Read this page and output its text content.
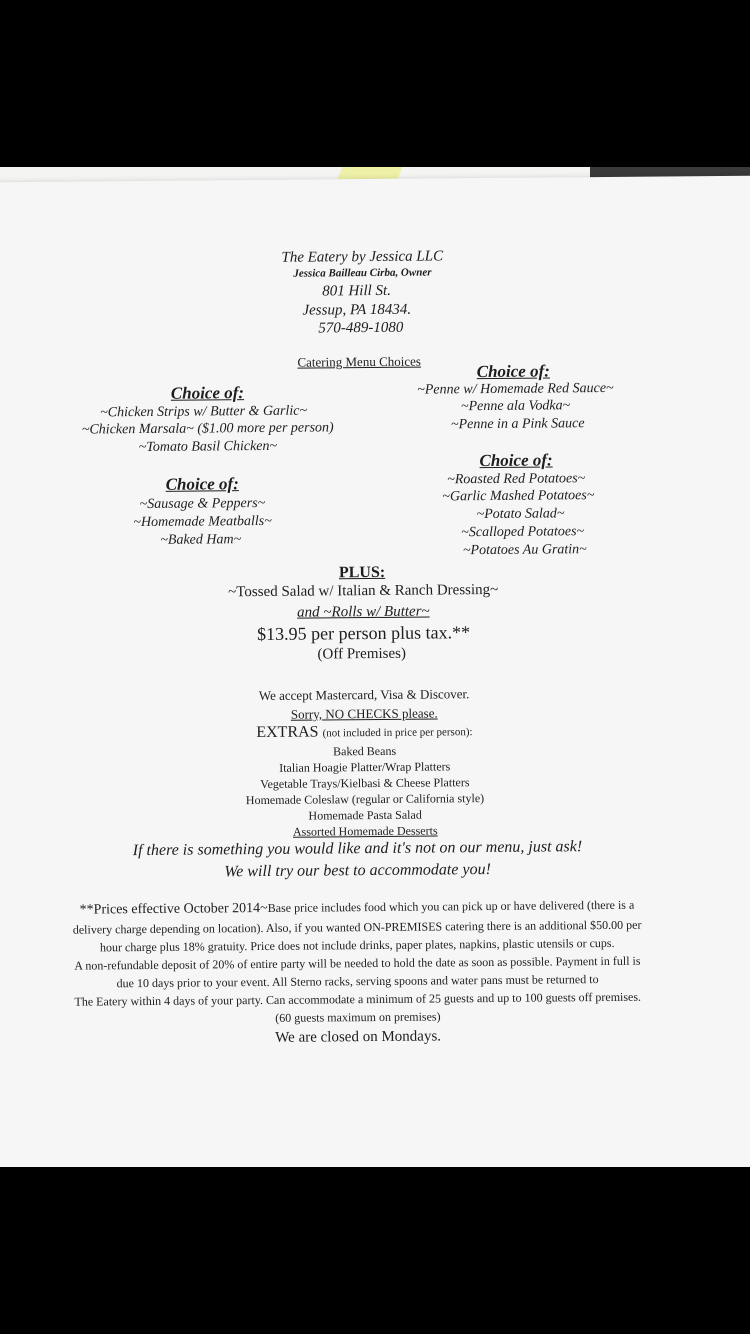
The Eatery by Jessica LLC
Jessica Bailleau Cirba, Owner
801 Hill St.
Jessup, PA 18434.
570-489-1080
Catering Menu Choices	Choice of:
~Penne w/ Homemade Red Sauce~
~Penne ala Vodka~
~Penne in a Pink Sauce
Choice of:
~Chicken Strips w/ Butter & Garlic~
~Chicken Marsala~ ($1.00 more per person)
~Tomato Basil Chicken~
Choice of:
~Roasted Red Potatoes~
~Garlic Mashed Potatoes~
~Potato Salad~
~Scalloped Potatoes~
~Potatoes Au Gratin~
Choice of:
~Sausage & Peppers~
~Homemade Meatballs~
~Baked Ham~
PLUS:
~Tossed Salad w/ Italian & Ranch Dressing~
and ~Rolls w/ Butter~
$13.95 per person plus tax.**
(Off Premises)
We accept Mastercard, Visa & Discover.
Sorry, NO CHECKS please.
EXTRAS (not included in price per person):
Baked Beans
Italian Hoagie Platter/Wrap Platters
Vegetable Trays/Kielbasi & Cheese Platters
Homemade Coleslaw (regular or California style)
Homemade Pasta Salad
Assorted Homemade Desserts
If there is something you would like and it's not on our menu, just ask!
We will try our best to accommodate you!
**Prices effective October 2014~Base price includes food which you can pick up or have delivered (there is a
delivery charge depending on location). Also, if you wanted ON-PREMISES catering there is an additional $50.00 per
hour charge plus 18% gratuity. Price does not include drinks, paper plates, napkins, plastic utensils or cups.
A non-refundable deposit of 20% of entire party will be needed to hold the date as soon as possible. Payment in full is
due 10 days prior to your event. All Sterno racks, serving spoons and water pans must be returned to
The Eatery within 4 days of your party. Can accommodate a minimum of 25 guests and up to 100 guests off premises.
(60 guests maximum on premises)
We are closed on Mondays.
